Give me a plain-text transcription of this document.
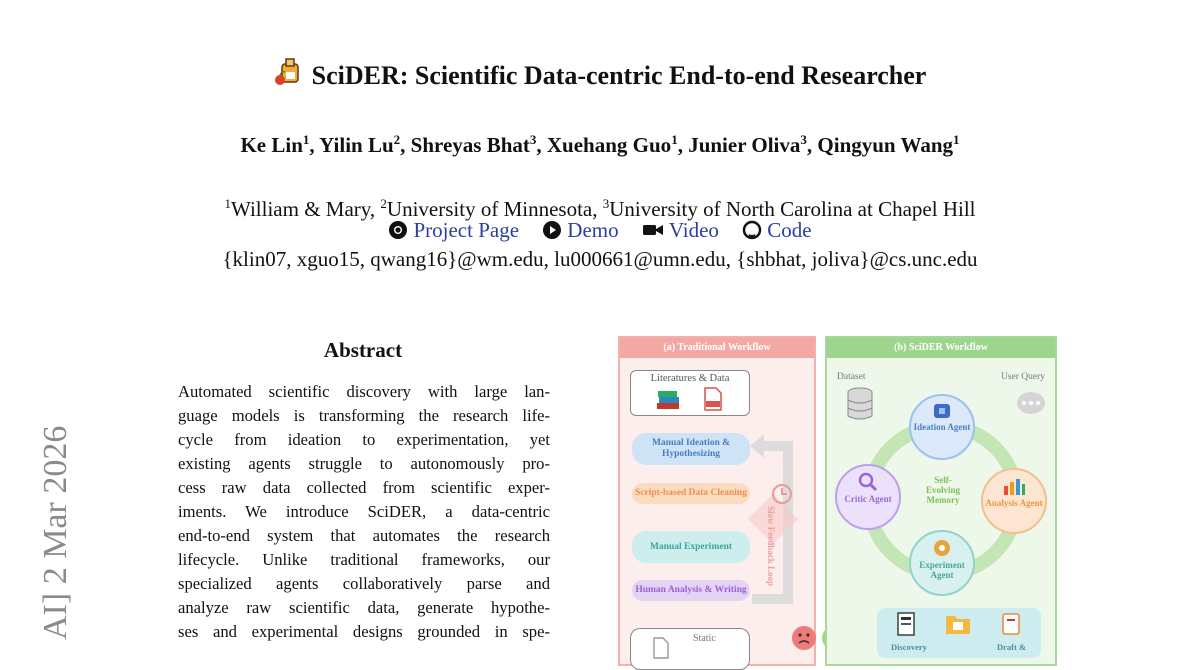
SciDER: Scientific Data-centric End-to-end Researcher
Ke Lin$^1$, Yilin Lu$^2$, Shreyas Bhat$^3$, Xuehang Guo$^1$, Junier Oliva$^3$, Qingyun Wang$^1$
$^1$William & Mary, $^2$University of Minnesota, $^3$University of North Carolina at Chapel Hill
Project Page Demo Video Code
{klin07, xguo15, qwang16}@wm.edu, lu000661@umn.edu, {shbhat, joliva}@cs.unc.edu
AI] 2 Mar 2026
Abstract
Automated scientific discovery with large lan-
guage models is transforming the research life-
cycle from ideation to experimentation, yet
existing agents struggle to autonomously pro-
cess raw data collected from scientific exper-
iments. We introduce SciDER, a data-centric
end-to-end system that automates the research
lifecycle. Unlike traditional frameworks, our
specialized agents collaboratively parse and
analyze raw scientific data, generate hypothe-
ses and experimental designs grounded in spe-
(a) Traditional Workflow
Literatures & Data
Manual Ideation & Hypothesizing
Script-based Data Cleaning
Manual Experiment
Human Analysis & Writing
Slow Feedback Loop
Static
(b) SciDER Workflow
Dataset	User Query
Ideation Agent
Critic Agent	Analysis Agent
Experiment Agent
Self-Evolving Memory
Discovery	Draft &
